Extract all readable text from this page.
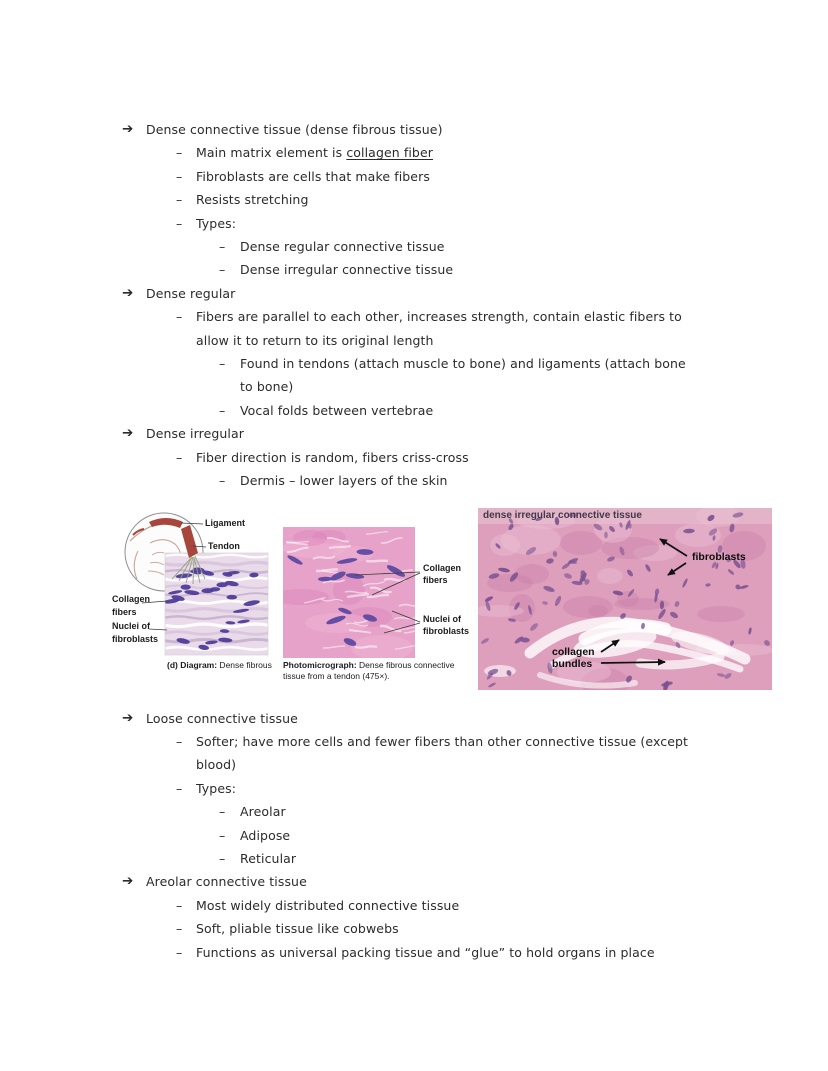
➔	Dense connective tissue (dense fibrous tissue)
–	Main matrix element is collagen fiber
–	Fibroblasts are cells that make fibers
–	Resists stretching
–	Types:
–	Dense regular connective tissue
–	Dense irregular connective tissue
➔	Dense regular
–	Fibers are parallel to each other, increases strength, contain elastic fibers to
allow it to return to its original length
–	Found in tendons (attach muscle to bone) and ligaments (attach bone
to bone)
–	Vocal folds between vertebrae
➔	Dense irregular
–	Fiber direction is random, fibers criss-cross
–	Dermis – lower layers of the skin
Ligament
Tendon
Collagen
fibers
Nuclei of
fibroblasts
(d) Diagram: Dense fibrous
Collagen
fibers
Nuclei of
fibroblasts
Photomicrograph: Dense fibrous connective tissue from a tendon (475×).
dense irregular connective tissue
fibroblasts
collagen
bundles
➔	Loose connective tissue
–	Softer; have more cells and fewer fibers than other connective tissue (except
blood)
–	Types:
–	Areolar
–	Adipose
–	Reticular
➔	Areolar connective tissue
–	Most widely distributed connective tissue
–	Soft, pliable tissue like cobwebs
–	Functions as universal packing tissue and “glue” to hold organs in place
